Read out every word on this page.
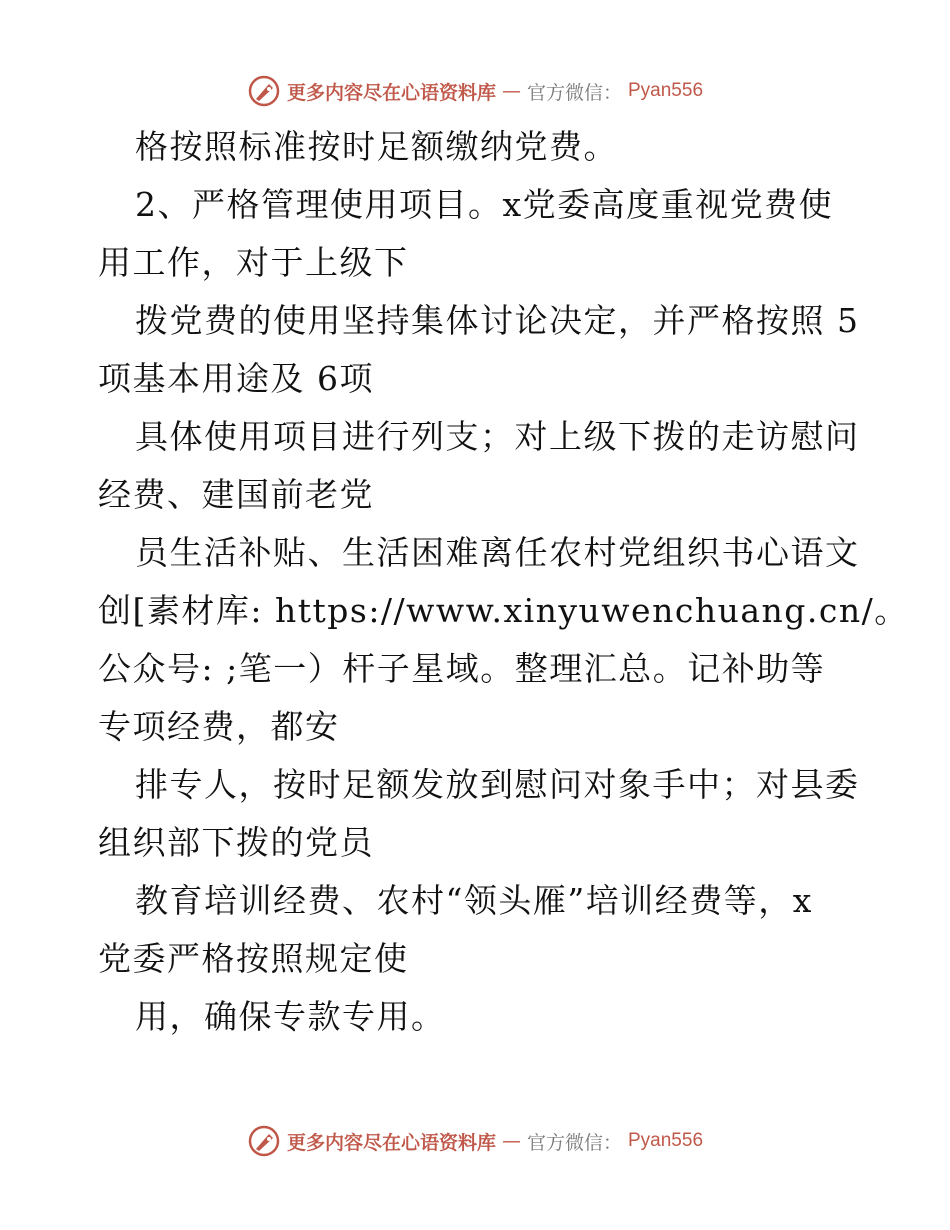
更多内容尽在心语资料库 — 官方微信： Pyan556

格按照标准按时足额缴纳党费。

2、严格管理使用项目。x党委高度重视党费使
用工作，对于上级下

拨党费的使用坚持集体讨论决定，并严格按照 5
项基本用途及 6项

具体使用项目进行列支；对上级下拨的走访慰问
经费、建国前老党

员生活补贴、生活困难离任农村党组织书心语文
创[素材库: https://www.xinyuwenchuang.cn/。
公众号: ;笔一）杆子星域。整理汇总。记补助等
专项经费，都安

排专人，按时足额发放到慰问对象手中；对县委
组织部下拨的党员

教育培训经费、农村“领头雁”培训经费等，x
党委严格按照规定使

用，确保专款专用。

更多内容尽在心语资料库 — 官方微信： Pyan556
